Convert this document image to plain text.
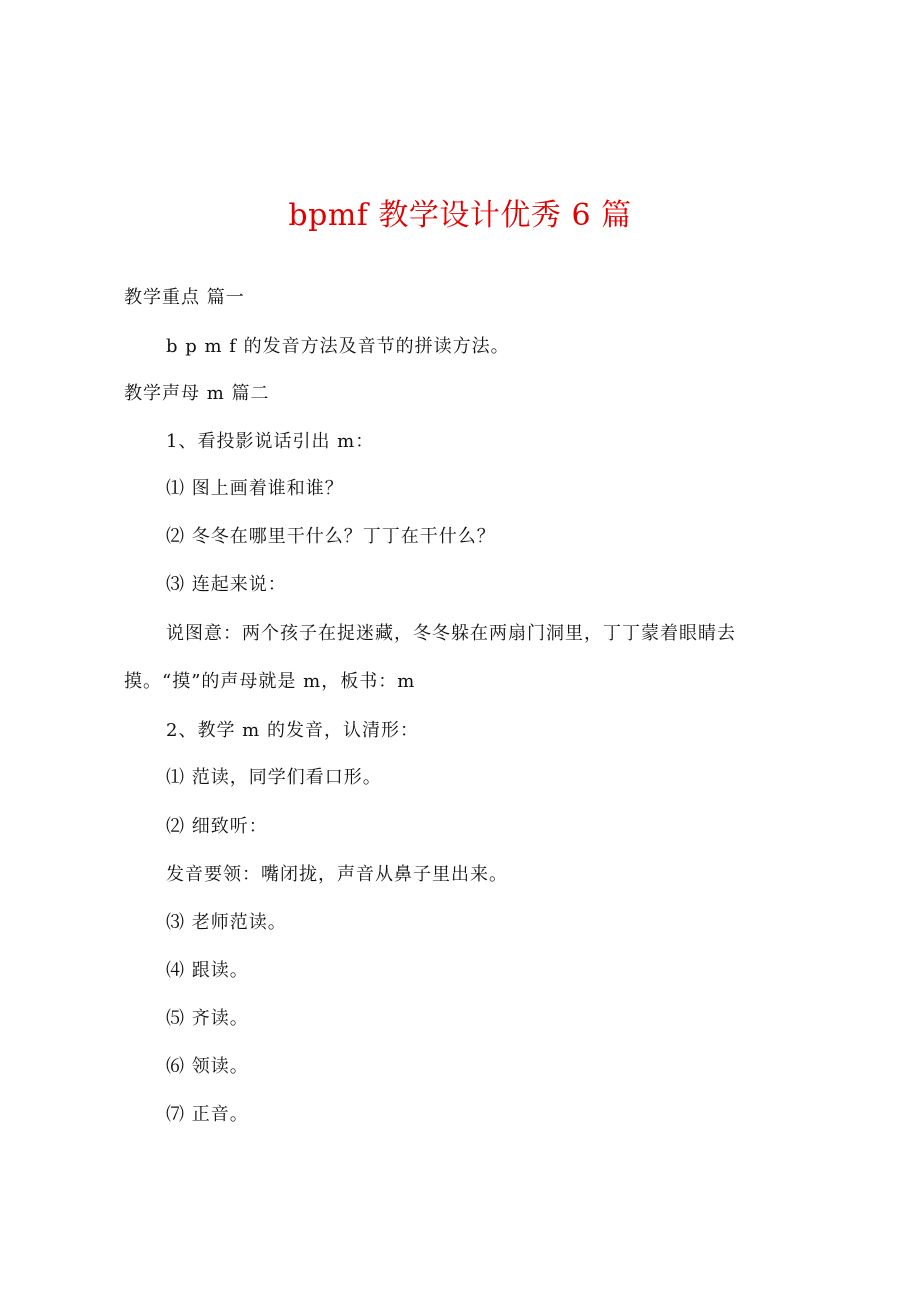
bpmf 教学设计优秀 6 篇
教学重点 篇一
b p m f 的发音方法及音节的拼读方法。
教学声母 m 篇二
1、看投影说话引出 m：
⑴ 图上画着谁和谁？
⑵ 冬冬在哪里干什么？丁丁在干什么？
⑶ 连起来说：
说图意：两个孩子在捉迷藏，冬冬躲在两扇门洞里，丁丁蒙着眼睛去
摸。“摸”的声母就是 m，板书：m
2、教学 m 的发音，认清形：
⑴ 范读，同学们看口形。
⑵ 细致听：
发音要领：嘴闭拢，声音从鼻子里出来。
⑶ 老师范读。
⑷ 跟读。
⑸ 齐读。
⑹ 领读。
⑺ 正音。
